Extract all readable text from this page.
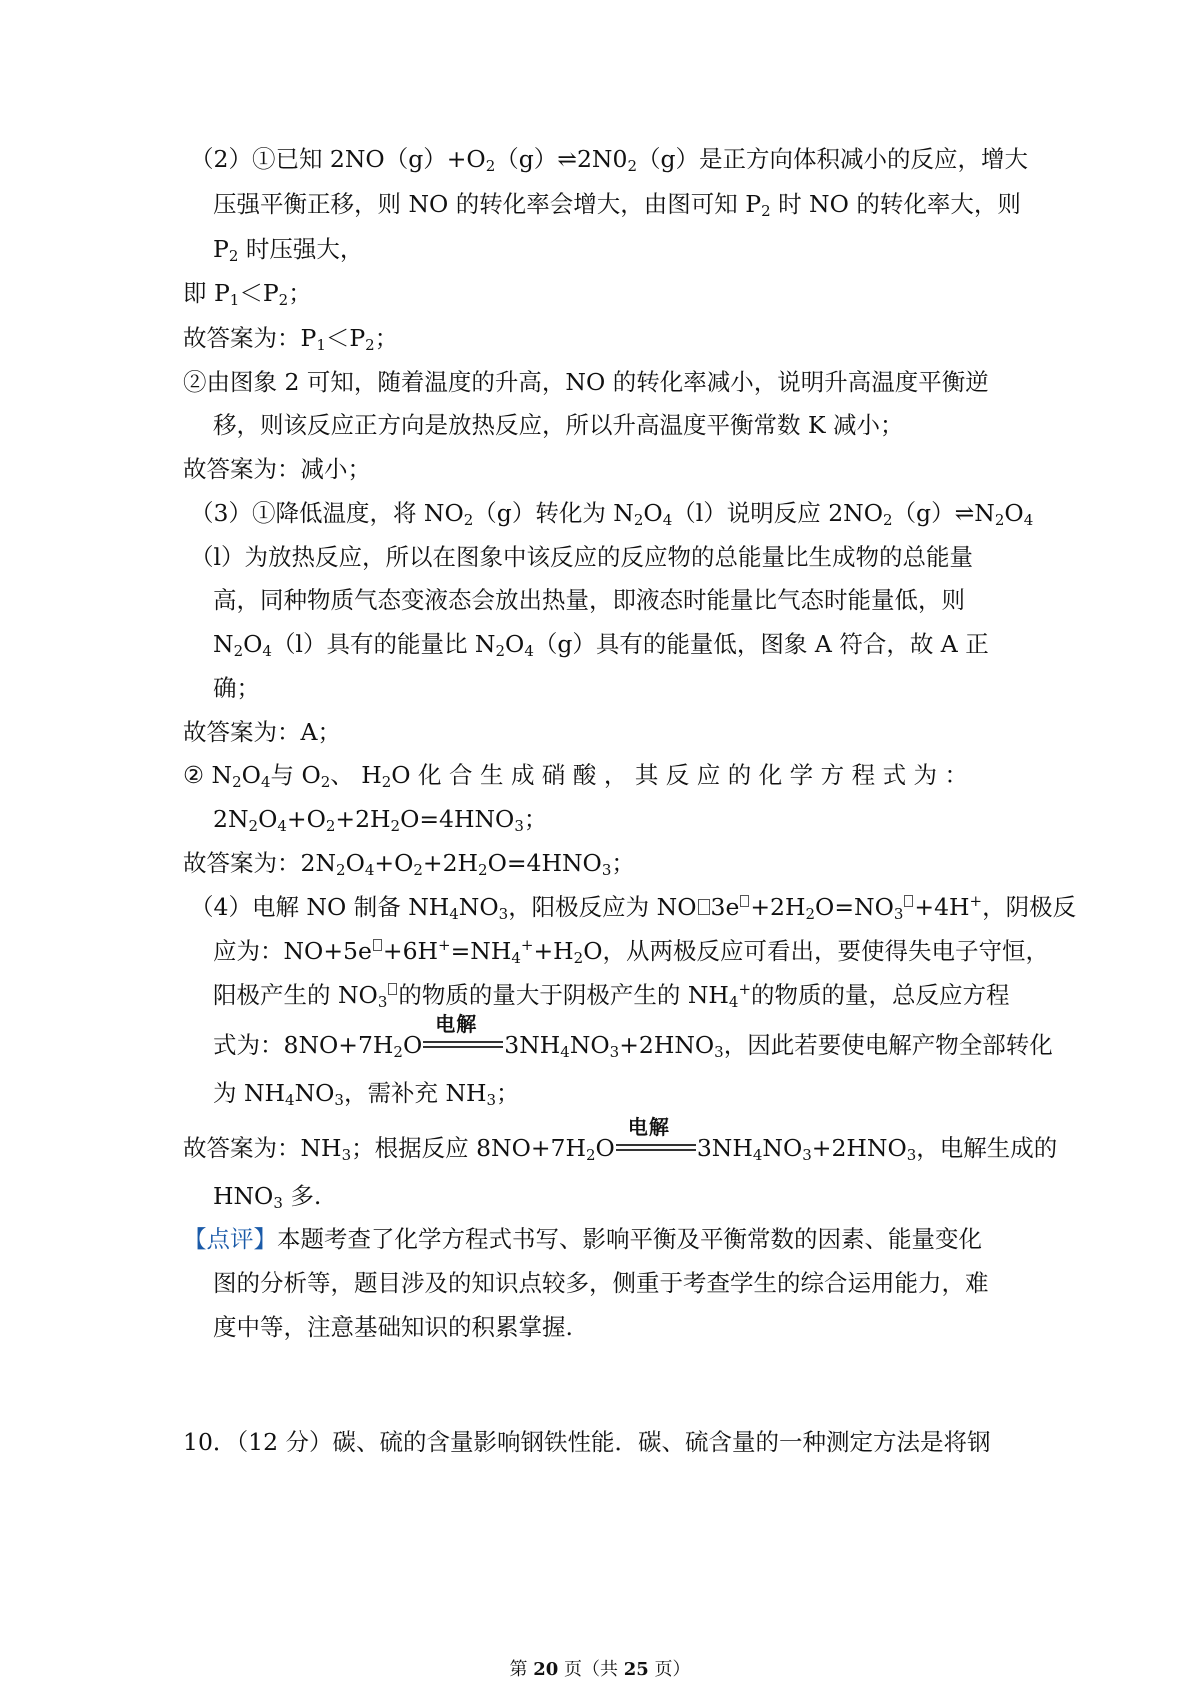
（2）①已知 $2NO(g)+O_2(g)\rightleftharpoons 2N0_2(g)$是正方向体积减小的反应，增大
压强平衡正移，则 NO 的转化率会增大，由图可知 $P_2$ 时 NO 的转化率大，则
$P_2$ 时压强大，
即 $P_1<P_2$；
故答案为：$P_1<P_2$；
②由图象 2 可知，随着温度的升高，NO 的转化率减小，说明升高温度平衡逆
移，则该反应正方向是放热反应，所以升高温度平衡常数 K 减小；
故答案为：减小；
（3）①降低温度，将 $NO_2(g)$转化为 $N_2O_4(l)$说明反应 $2NO_2(g)\rightleftharpoons N_2O_4$
（l）为放热反应，所以在图象中该反应的反应物的总能量比生成物的总能量
高，同种物质气态变液态会放出热量，即液态时能量比气态时能量低，则
$N_2O_4(l)$具有的能量比 $N_2O_4(g)$具有的能量低，图象 A 符合，故 A 正
确；
故答案为：A；
② $N_2O_4$与 $O_2$、 $H_2O$ 化 合 生 成 硝 酸 ， 其 反 应 的 化 学 方 程 式 为 ：
$2N_2O_4+O_2+2H_2O=4HNO_3$；
故答案为：$2N_2O_4+O_2+2H_2O=4HNO_3$；
（4）电解 NO 制备 $NH_4NO_3$，阳极反应为 NO $3e +2H_2O=NO_3 +4H^+$，阴极反
应为：$NO+5e +6H^+=NH_4^++H_2O$，从两极反应可看出，要使得失电子守恒，
阳极产生的 $NO_3$ 的物质的量大于阴极产生的 $NH_4^+$的物质的量，总反应方程
式为：$8NO+7H_2O$
电解
$3NH_4NO_3+2HNO_3$，因此若要使电解产物全部转化
为 $NH_4NO_3$，需补充 $NH_3$；
故答案为：$NH_3$；根据反应 $8NO+7H_2O$
电解
$3NH_4NO_3+2HNO_3$，电解生成的
$HNO_3$ 多.
【点评】本题考查了化学方程式书写、影响平衡及平衡常数的因素、能量变化
图的分析等，题目涉及的知识点较多，侧重于考查学生的综合运用能力，难
度中等，注意基础知识的积累掌握.
10．（12 分）碳、硫的含量影响钢铁性能．碳、硫含量的一种测定方法是将钢
第 20 页（共 25 页）
